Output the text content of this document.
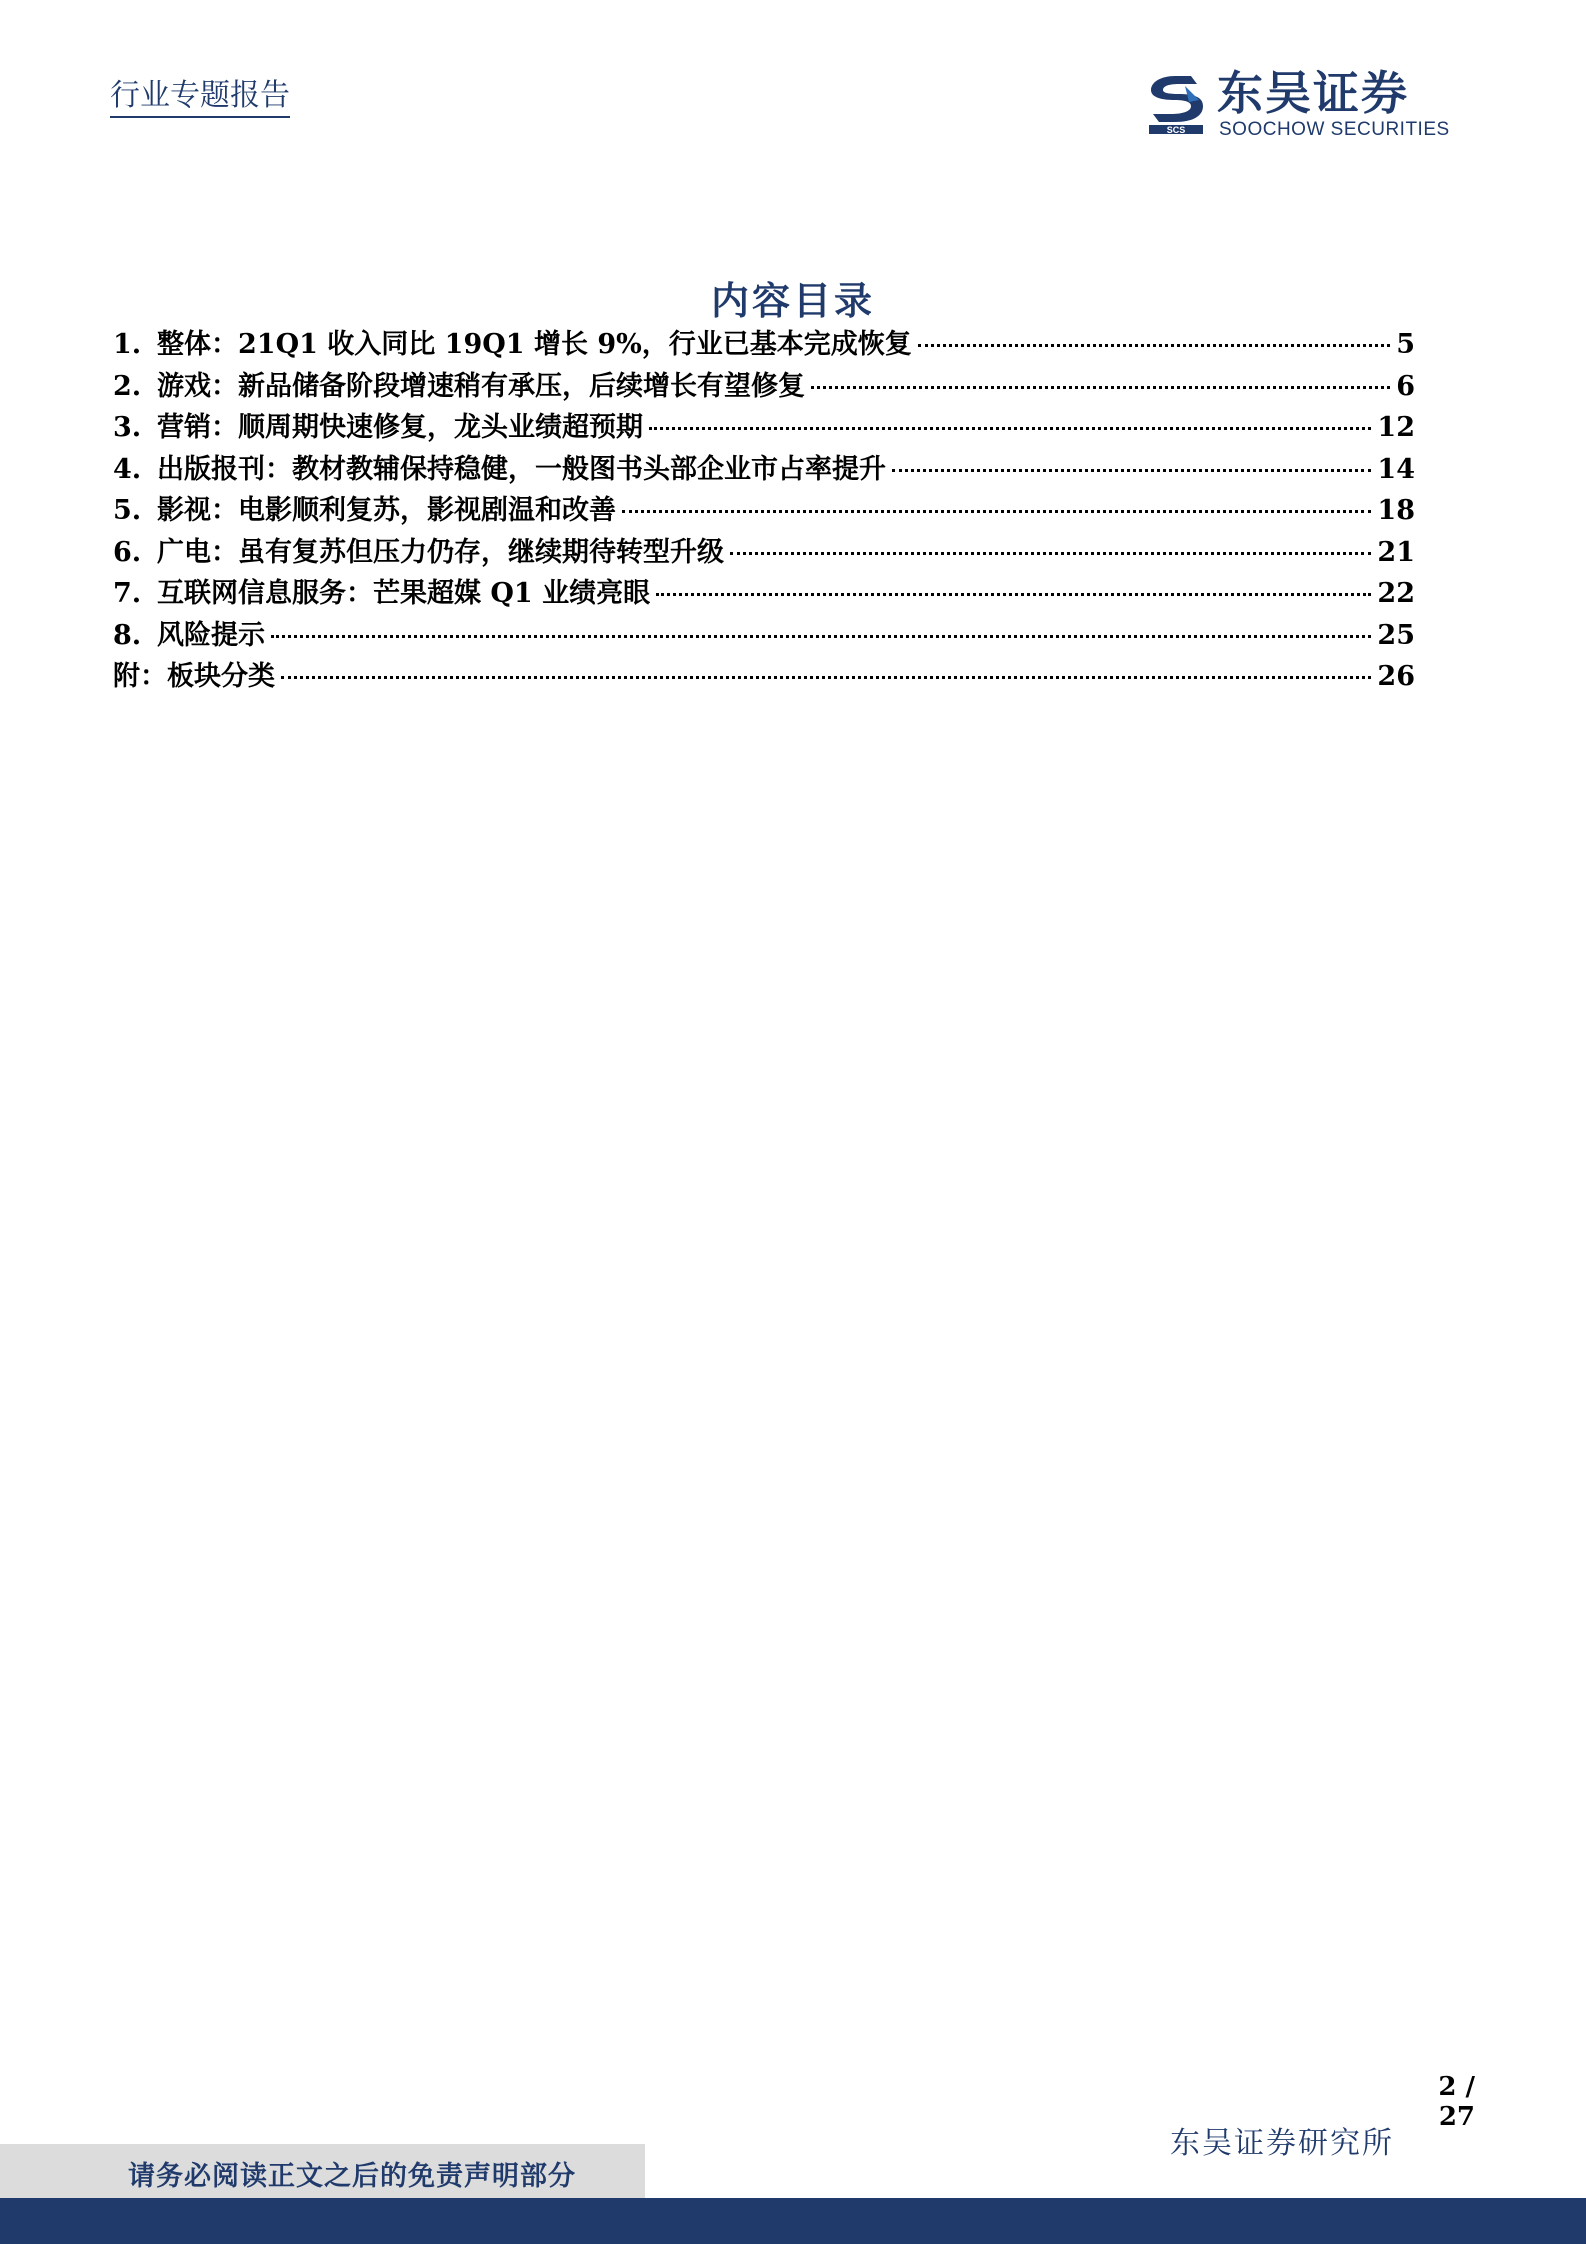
行业专题报告
SCS
东吴证券
SOOCHOW SECURITIES
内容目录
1. 整体：21Q1 收入同比 19Q1 增长 9%，行业已基本完成恢复	5
2. 游戏：新品储备阶段增速稍有承压，后续增长有望修复	6
3. 营销：顺周期快速修复，龙头业绩超预期	12
4. 出版报刊：教材教辅保持稳健，一般图书头部企业市占率提升	14
5. 影视：电影顺利复苏，影视剧温和改善	18
6. 广电：虽有复苏但压力仍存，继续期待转型升级	21
7. 互联网信息服务：芒果超媒 Q1 业绩亮眼	22
8. 风险提示	25
附： 板块分类	26
2 / 27
东吴证券研究所
请务必阅读正文之后的免责声明部分
